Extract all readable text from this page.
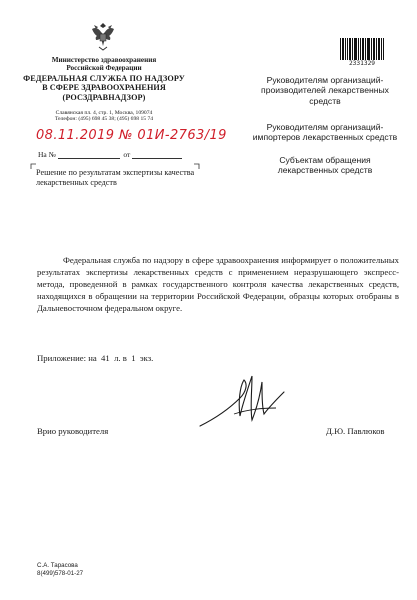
Министерство здравоохранения
Российской Федерации
ФЕДЕРАЛЬНАЯ СЛУЖБА ПО НАДЗОРУ
В СФЕРЕ ЗДРАВООХРАНЕНИЯ
(РОСЗДРАВНАДЗОР)
Славянская пл. 4, стр. 1, Москва, 109074
Телефон: (495) 698 45 38; (495) 698 15 74
08.11.2019 № 01И-2763/19
На №	от
Решение по результатам экспертизы качества лекарственных средств
2331329
Руководителям организаций-производителей лекарственных средств
Руководителям организаций-импортеров лекарственных средств
Субъектам обращения лекарственных средств
Федеральная служба по надзору в сфере здравоохранения информирует о положительных результатах экспертизы лекарственных средств с применением неразрушающего экспресс-метода, проведенной в рамках государственного контроля качества лекарственных средств, находящихся в обращении на территории Российской Федерации, образцы которых отобраны в Дальневосточном федеральном округе.
Приложение: на  41  л. в  1  экз.
Врио руководителя	Д.Ю. Павлюков
С.А. Тарасова
8(499)578-01-27
